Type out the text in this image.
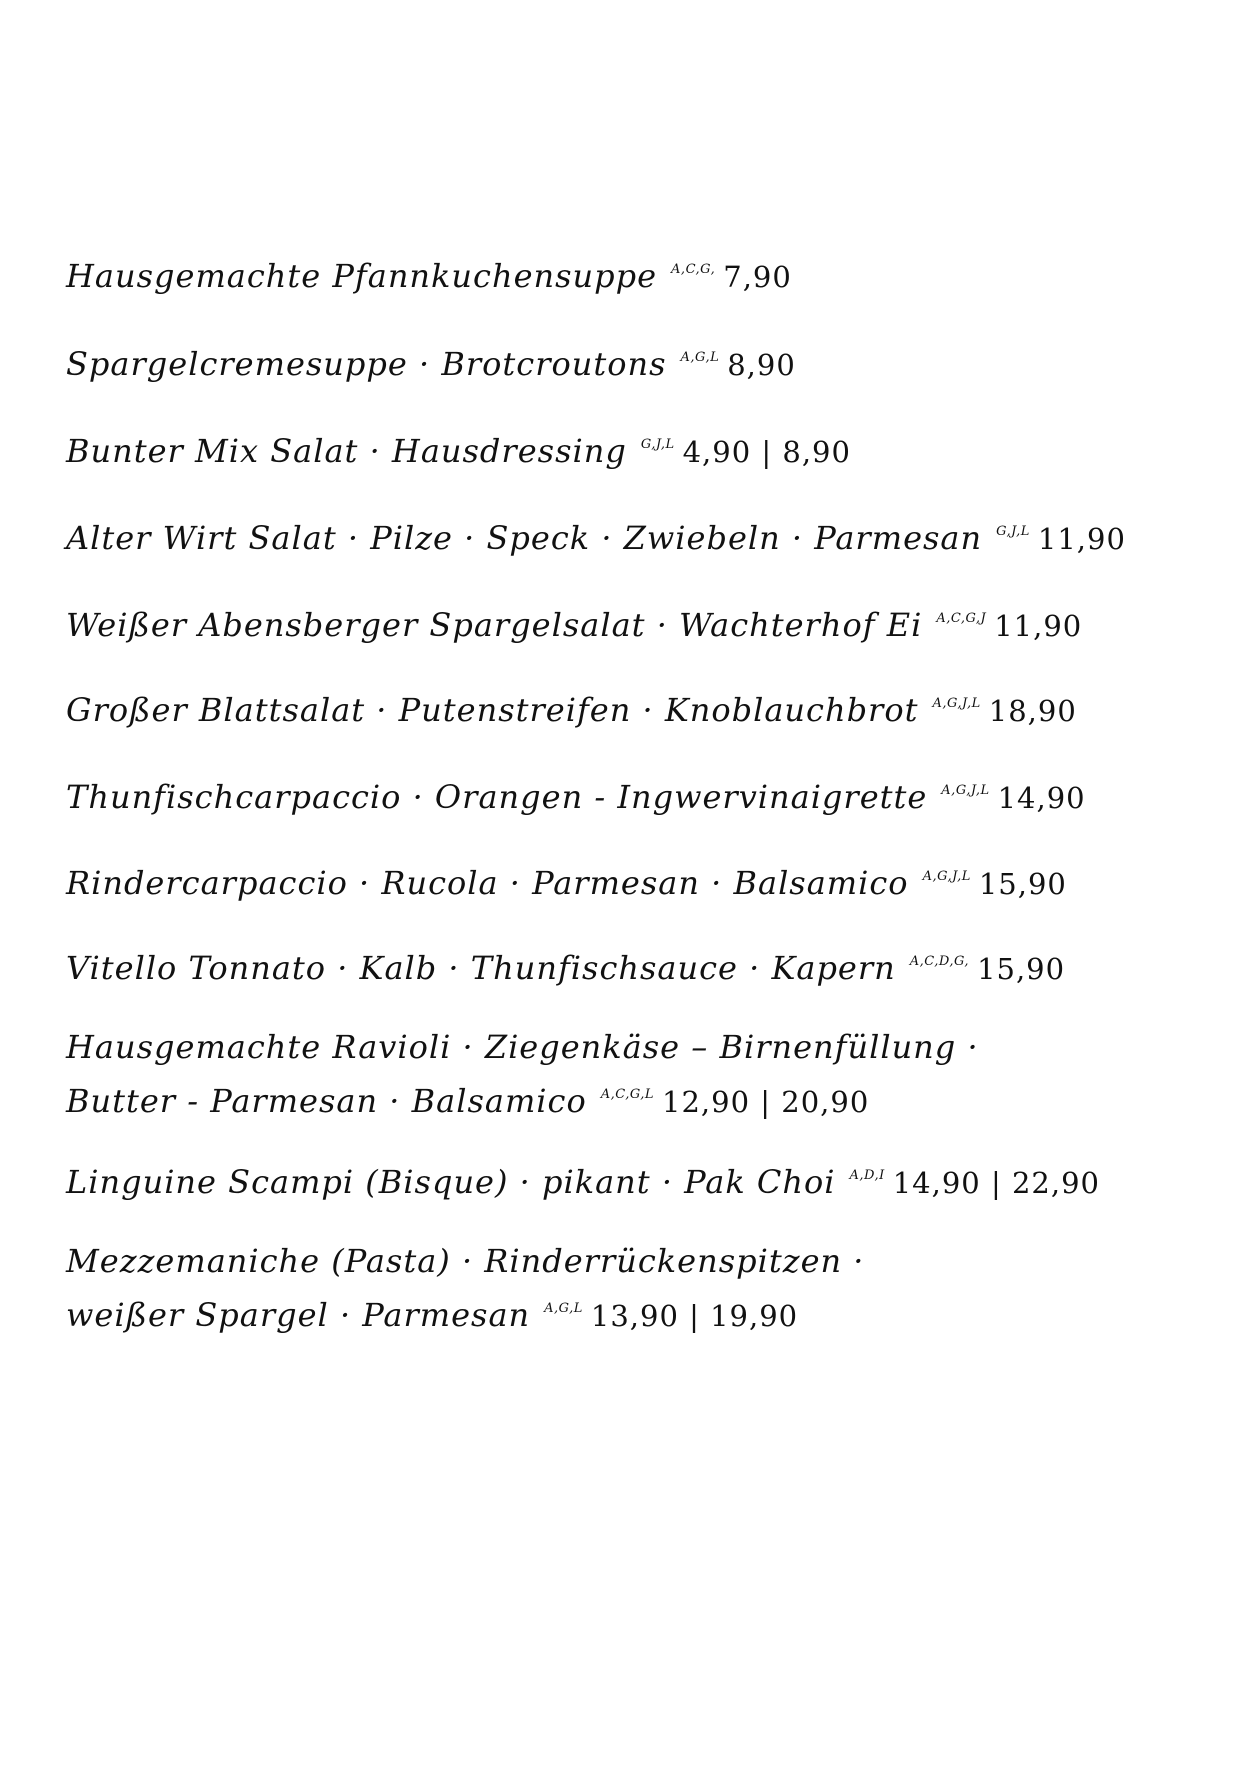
Hausgemachte Pfannkuchensuppe $^{A,C,G,}$ 7,90
Spargelcremesuppe · Brotcroutons $^{A,G,L}$ 8,90
Bunter Mix Salat · Hausdressing $^{G,J,L}$ 4,90 | 8,90
Alter Wirt Salat · Pilze · Speck · Zwiebeln · Parmesan $^{G,J,L}$ 11,90
Weißer Abensberger Spargelsalat · Wachterhof Ei $^{A,C,G,J}$ 11,90
Großer Blattsalat · Putenstreifen · Knoblauchbrot $^{A,G,J,L}$ 18,90
Thunfischcarpaccio · Orangen - Ingwervinaigrette $^{A,G,J,L}$ 14,90
Rindercarpaccio · Rucola · Parmesan · Balsamico $^{A,G,J,L}$ 15,90
Vitello Tonnato · Kalb · Thunfischsauce · Kapern $^{A,C,D,G,}$ 15,90
Hausgemachte Ravioli · Ziegenkäse – Birnenfüllung ·
Butter - Parmesan · Balsamico $^{A,C,G,L}$ 12,90 | 20,90
Linguine Scampi (Bisque) · pikant · Pak Choi $^{A,D,I}$ 14,90 | 22,90
Mezzemaniche (Pasta) · Rinderrückenspitzen ·
weißer Spargel · Parmesan $^{A,G,L}$ 13,90 | 19,90
